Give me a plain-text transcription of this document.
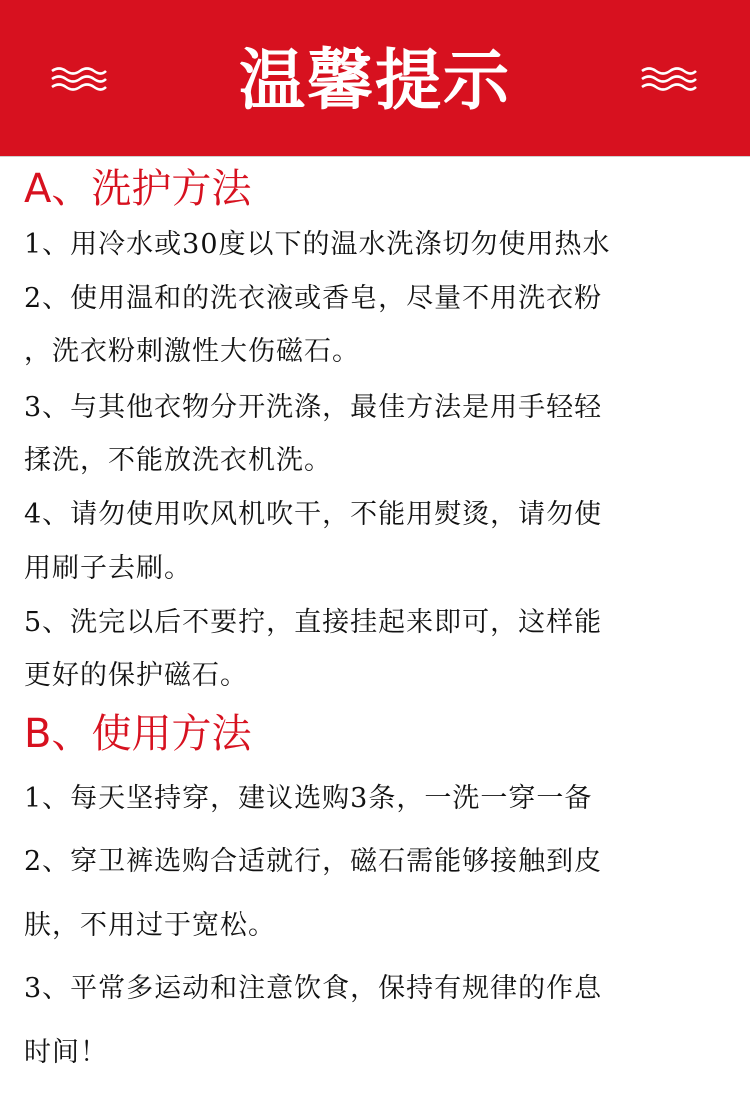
温馨提示
A、洗护方法
1、用冷水或30度以下的温水洗涤切勿使用热水
2、使用温和的洗衣液或香皂，尽量不用洗衣粉
，洗衣粉刺激性大伤磁石。
3、与其他衣物分开洗涤，最佳方法是用手轻轻
揉洗，不能放洗衣机洗。
4、请勿使用吹风机吹干，不能用熨烫，请勿使
用刷子去刷。
5、洗完以后不要拧，直接挂起来即可，这样能
更好的保护磁石。
B、使用方法
1、每天坚持穿，建议选购3条，一洗一穿一备
2、穿卫裤选购合适就行，磁石需能够接触到皮
肤，不用过于宽松。
3、平常多运动和注意饮食，保持有规律的作息
时间！
